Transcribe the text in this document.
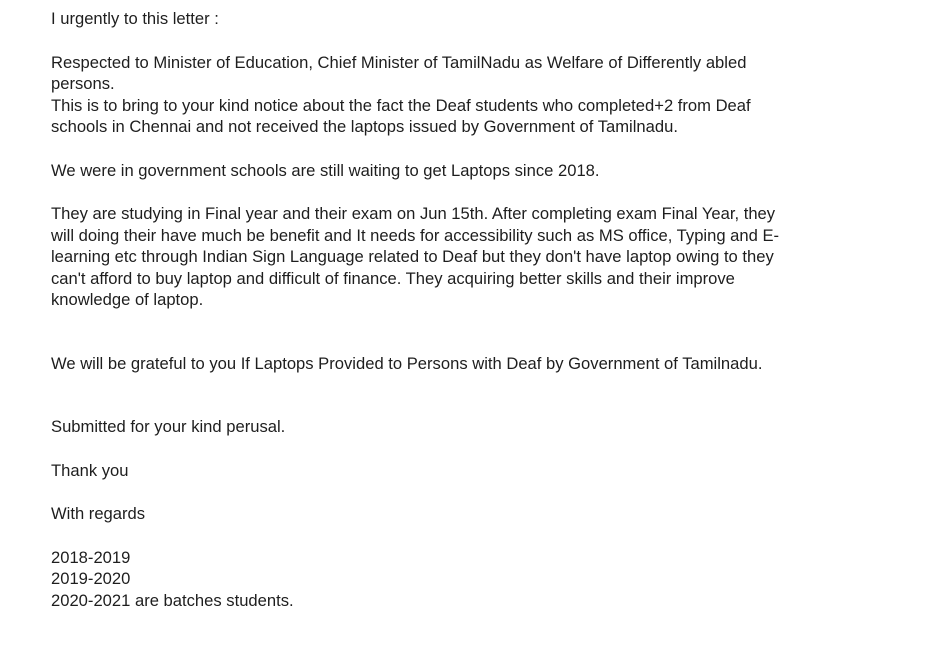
I urgently to this letter :
Respected to Minister of Education, Chief Minister of TamilNadu as Welfare of Differently abled
persons.
This is to bring to your kind notice about the fact the Deaf students who completed+2 from Deaf
schools in Chennai and not received the laptops issued by Government of Tamilnadu.
We were in government schools are still waiting to get Laptops since 2018.
They are studying in Final year and their exam on Jun 15th. After completing exam Final Year, they
will doing their have much be benefit and It needs for accessibility such as MS office, Typing and E-
learning etc through Indian Sign Language related to Deaf but they don't have laptop owing to they
can't afford to buy laptop and difficult of finance. They acquiring better skills and their improve
knowledge of laptop.
We will be grateful to you If Laptops Provided to Persons with Deaf by Government of Tamilnadu.
Submitted for your kind perusal.
Thank you
With regards
2018-2019
2019-2020
2020-2021 are batches students.
